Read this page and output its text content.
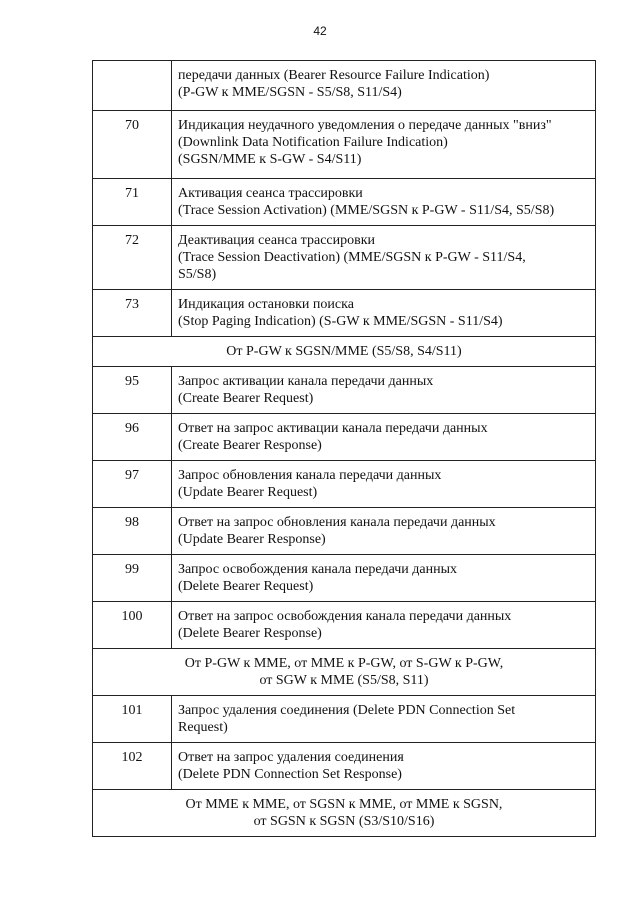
42

	передачи данных (Bearer Resource Failure Indication)
(P-GW к MME/SGSN - S5/S8, S11/S4)

70	Индикация неудачного уведомления о передаче данных "вниз"
(Downlink Data Notification Failure Indication)
(SGSN/MME к S-GW - S4/S11)

71	Активация сеанса трассировки
(Trace Session Activation) (MME/SGSN к P-GW - S11/S4, S5/S8)

72	Деактивация сеанса трассировки
(Trace Session Deactivation) (MME/SGSN к P-GW - S11/S4,
S5/S8)

73	Индикация остановки поиска
(Stop Paging Indication) (S-GW к MME/SGSN - S11/S4)

От P-GW к SGSN/MME (S5/S8, S4/S11)	

95	Запрос активации канала передачи данных
(Create Bearer Request)

96	Ответ на запрос активации канала передачи данных
(Create Bearer Response)

97	Запрос обновления канала передачи данных
(Update Bearer Request)

98	Ответ на запрос обновления канала передачи данных
(Update Bearer Response)

99	Запрос освобождения канала передачи данных
(Delete Bearer Request)

100	Ответ на запрос освобождения канала передачи данных
(Delete Bearer Response)

От P-GW к MME, от MME к P-GW, от S-GW к P-GW,
от SGW к MME (S5/S8, S11)	

101	Запрос удаления соединения (Delete PDN Connection Set
Request)

102	Ответ на запрос удаления соединения
(Delete PDN Connection Set Response)

От MME к MME, от SGSN к MME, от MME к SGSN,
от SGSN к SGSN (S3/S10/S16)	
